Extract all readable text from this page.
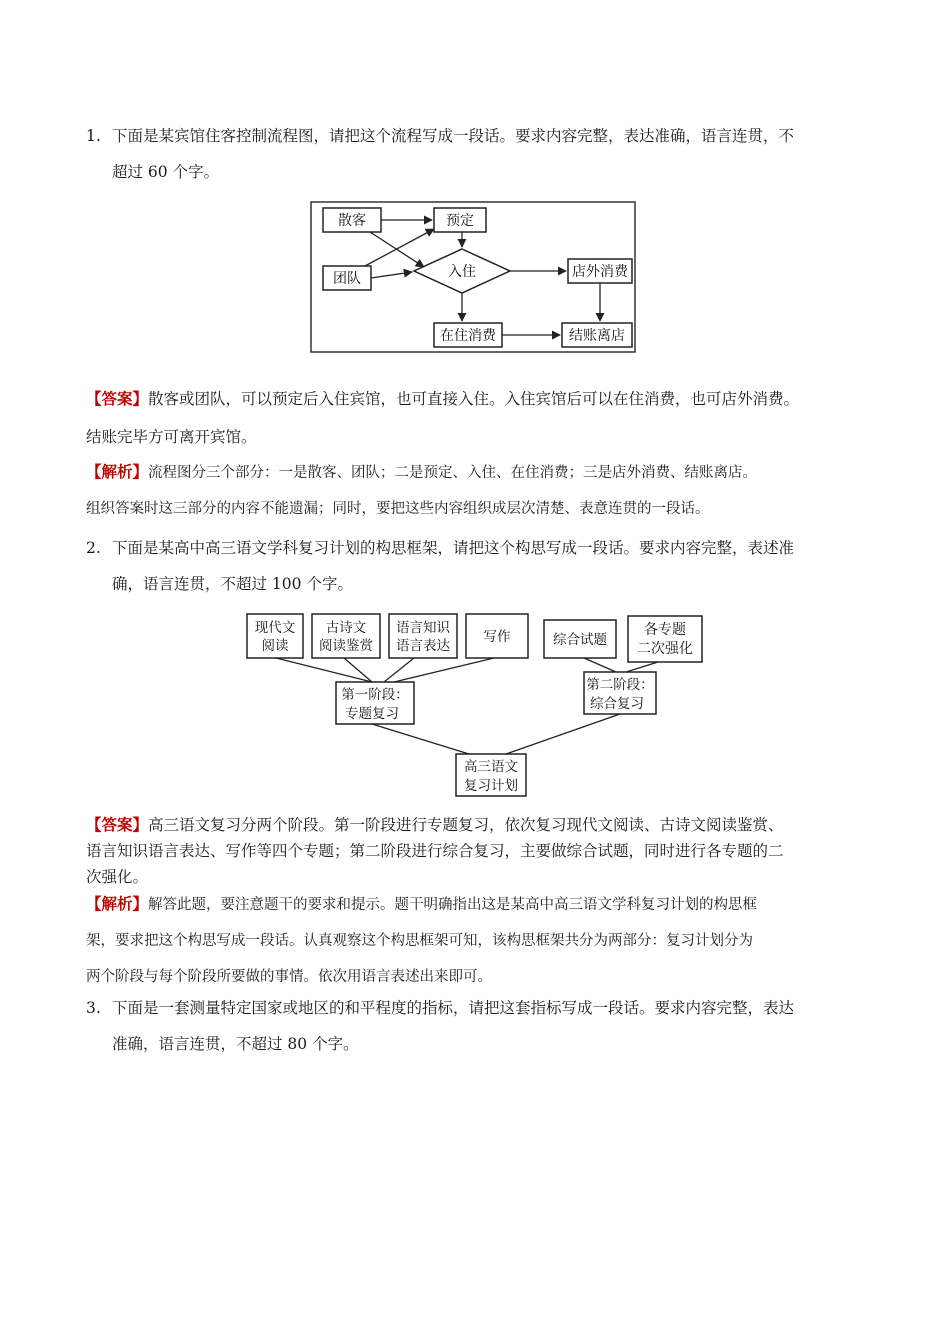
1. 下面是某宾馆住客控制流程图，请把这个流程写成一段话。要求内容完整，表达准确，语言连贯，不
超过 60 个字。
散客	预定
团队	入住	店外消费
在住消费	结账离店
【答案】散客或团队，可以预定后入住宾馆，也可直接入住。入住宾馆后可以在住消费，也可店外消费。
结账完毕方可离开宾馆。
【解析】流程图分三个部分：一是散客、团队；二是预定、入住、在住消费；三是店外消费、结账离店。
组织答案时这三部分的内容不能遗漏；同时，要把这些内容组织成层次清楚、表意连贯的一段话。
2. 下面是某高中高三语文学科复习计划的构思框架，请把这个构思写成一段话。要求内容完整，表述准
确，语言连贯，不超过 100 个字。
现代文
阅读
古诗文
阅读鉴赏
语言知识
语言表达
写作	综合试题
各专题
二次强化
第一阶段：
专题复习
第二阶段：
综合复习
高三语文
复习计划
【答案】高三语文复习分两个阶段。第一阶段进行专题复习，依次复习现代文阅读、古诗文阅读鉴赏、
语言知识语言表达、写作等四个专题；第二阶段进行综合复习，主要做综合试题，同时进行各专题的二
次强化。
【解析】解答此题，要注意题干的要求和提示。题干明确指出这是某高中高三语文学科复习计划的构思框
架，要求把这个构思写成一段话。认真观察这个构思框架可知，该构思框架共分为两部分：复习计划分为
两个阶段与每个阶段所要做的事情。依次用语言表述出来即可。
3. 下面是一套测量特定国家或地区的和平程度的指标，请把这套指标写成一段话。要求内容完整，表达
准确，语言连贯，不超过 80 个字。
